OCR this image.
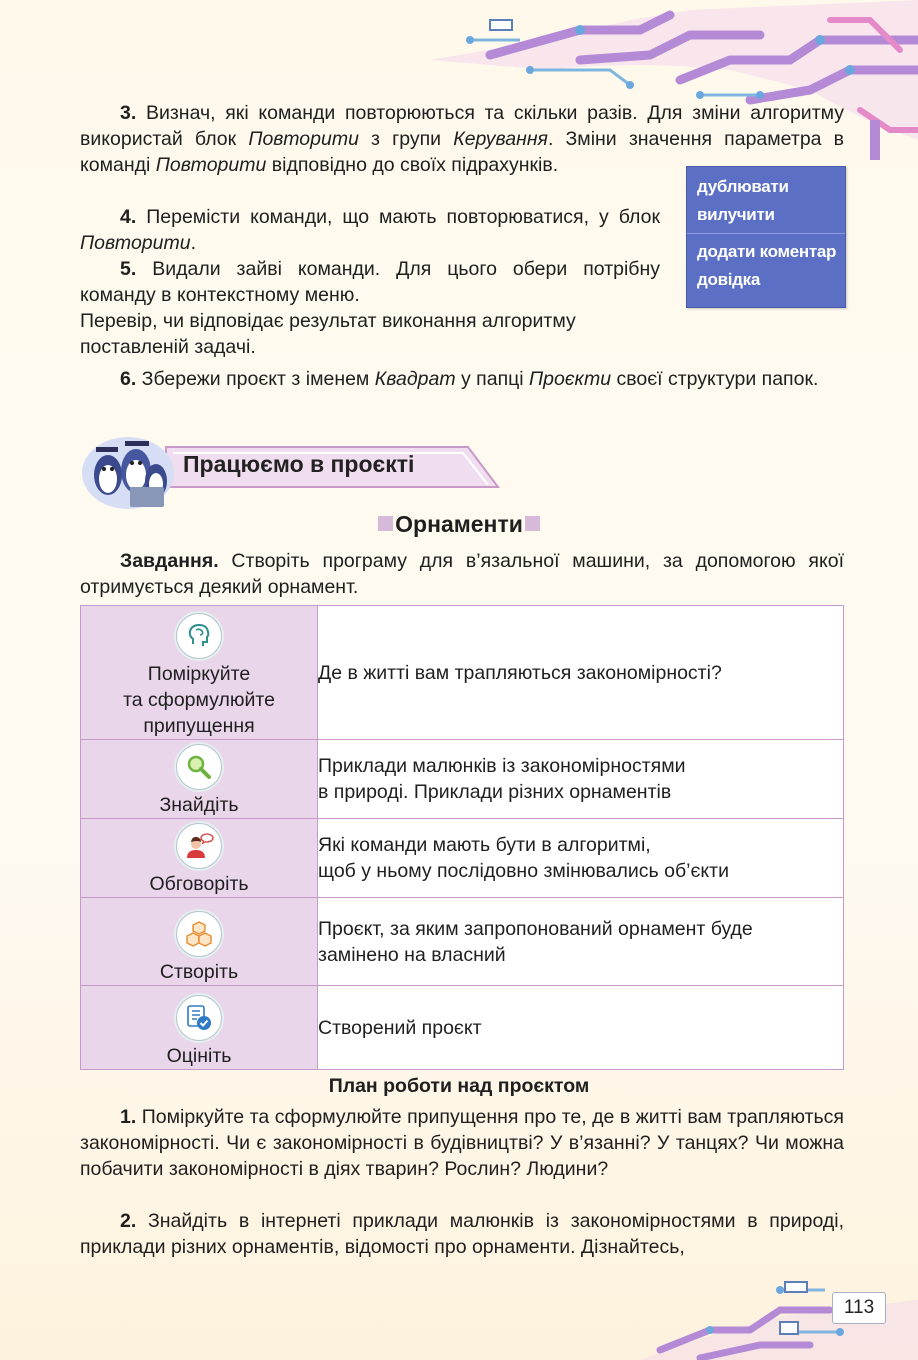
3. Визнач, які команди повторюються та скільки разів. Для зміни алгоритму використай блок Повторити з групи Керування. Зміни значення параметра в команді Повторити відповідно до своїх підрахунків.
4. Перемісти команди, що мають повторюватися, у блок Повторити.
5. Видали зайві команди. Для цього обери потрібну команду в контекстному меню.
Перевір, чи відповідає результат виконання алгоритму поставленій задачі.
6. Збережи проєкт з іменем Квадрат у папці Проєкти своєї структури папок.
дублювати
вилучити
додати коментар
довідка
Працюємо в проєкті
Орнаменти
Завдання. Створіть програму для в’язальної машини, за допомогою якої отримується деякий орнамент.
Поміркуйте
та сформулюйте
припущення	Де в житті вам трапляються закономірності?

Знайдіть	Приклади малюнків із закономірностями
в природі. Приклади різних орнаментів

Обговоріть	Які команди мають бути в алгоритмі,
щоб у ньому послідовно змінювались об’єкти

Створіть	Проєкт, за яким запропонований орнамент буде
замінено на власний

Оцініть	Створений проєкт
План роботи над проєктом
1. Поміркуйте та сформулюйте припущення про те, де в житті вам трапляються закономірності. Чи є закономірності в будівництві? У в’язанні? У танцях? Чи можна побачити закономірності в діях тварин? Рослин? Людини?
2. Знайдіть в інтернеті приклади малюнків із закономірностями в природі, приклади різних орнаментів, відомості про орнаменти. Дізнайтесь,
113
